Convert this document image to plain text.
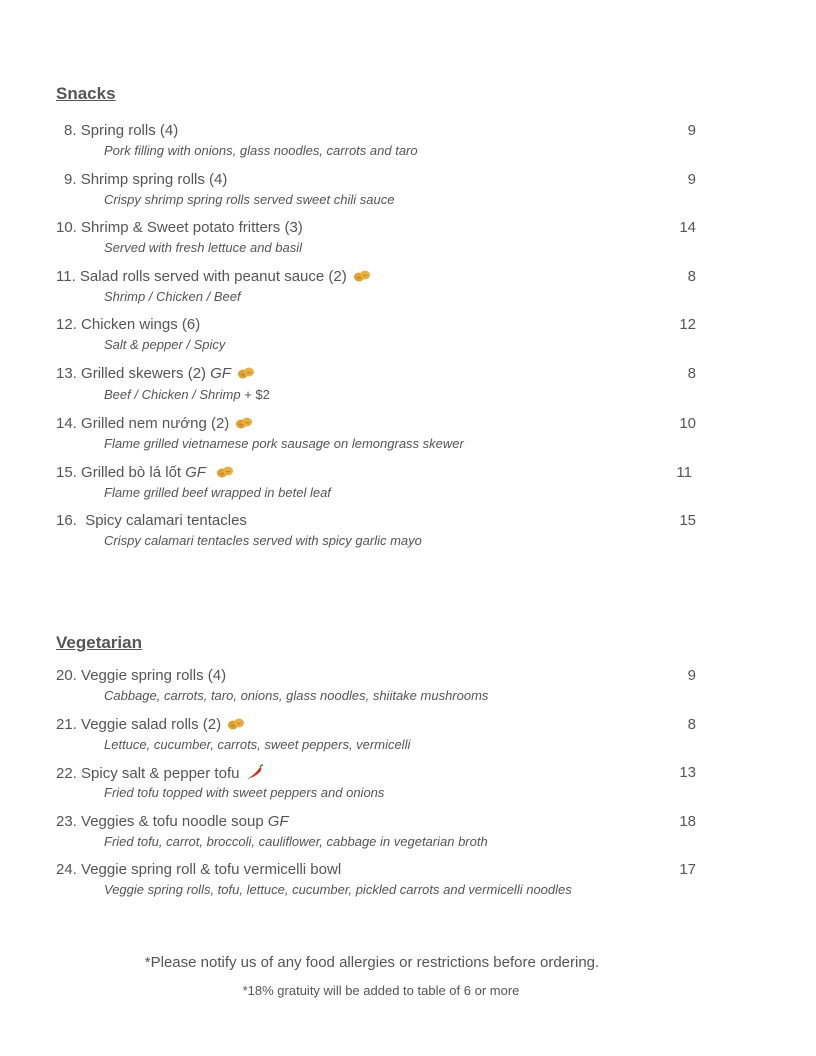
Snacks
8. Spring rolls (4)	9
Pork filling with onions, glass noodles, carrots and taro
9. Shrimp spring rolls (4)	9
Crispy shrimp spring rolls served sweet chili sauce
10. Shrimp & Sweet potato fritters (3)	14
Served with fresh lettuce and basil
11. Salad rolls served with peanut sauce (2)	8
Shrimp / Chicken / Beef
12. Chicken wings (6)	12
Salt & pepper / Spicy
13. Grilled skewers (2) GF	8
Beef / Chicken / Shrimp + $2
14. Grilled nem nướng (2)	10
Flame grilled vietnamese pork sausage on lemongrass skewer
15. Grilled bò lá lốt GF	11
Flame grilled beef wrapped in betel leaf
16.  Spicy calamari tentacles	15
Crispy calamari tentacles served with spicy garlic mayo
Vegetarian
20. Veggie spring rolls (4)	9
Cabbage, carrots, taro, onions, glass noodles, shiitake mushrooms
21. Veggie salad rolls (2)	8
Lettuce, cucumber, carrots, sweet peppers, vermicelli
22. Spicy salt & pepper tofu	13
Fried tofu topped with sweet peppers and onions
23. Veggies & tofu noodle soup GF	18
Fried tofu, carrot, broccoli, cauliflower, cabbage in vegetarian broth
24. Veggie spring roll & tofu vermicelli bowl	17
Veggie spring rolls, tofu, lettuce, cucumber, pickled carrots and vermicelli noodles
*Please notify us of any food allergies or restrictions before ordering.
*18% gratuity will be added to table of 6 or more
